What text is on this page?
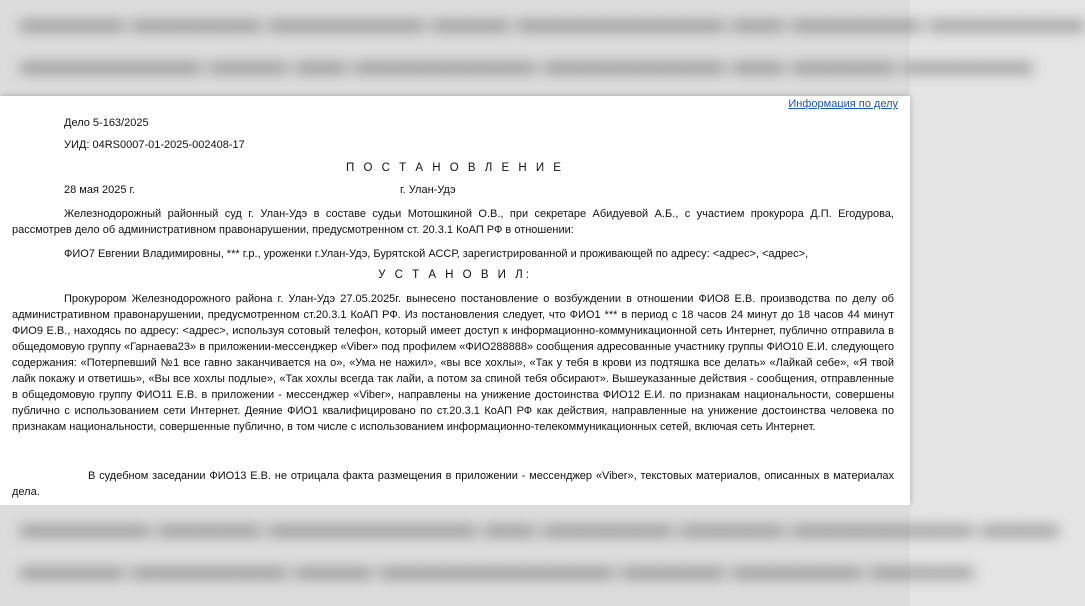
▬▬▬▬ ▬▬▬▬▬ ▬▬▬▬▬▬ ▬▬▬ ▬▬▬▬▬▬▬▬ ▬▬ ▬▬▬▬▬ ▬▬▬▬▬▬
▬▬▬▬▬▬▬ ▬▬▬ ▬▬ ▬▬▬▬▬▬▬ ▬▬▬▬▬▬▬ ▬▬ ▬▬▬▬ ▬▬▬▬▬
Информация по делу
Дело 5-163/2025
УИД: 04RS0007-01-2025-002408-17
П О С Т А Н О В Л Е Н И Е
28 мая 2025 г.	г. Улан-Удэ
Железнодорожный районный суд г. Улан-Удэ в составе судьи Мотошкиной О.В., при секретаре Абидуевой А.Б., с участием прокурора Д.П. Егодурова, рассмотрев дело об административном правонарушении, предусмотренном ст. 20.3.1 КоАП РФ в отношении:
ФИО7 Евгении Владимировны, *** г.р., уроженки г.Улан-Удэ, Бурятской АССР, зарегистрированной и проживающей по адресу: <адрес>, <адрес>,
У С Т А Н О В И Л:
Прокурором Железнодорожного района г. Улан-Удэ 27.05.2025г. вынесено постановление о возбуждении в отношении ФИО8 Е.В. производства по делу об административном правонарушении, предусмотренном ст.20.3.1 КоАП РФ. Из постановления следует, что ФИО1 *** в период с 18 часов 24 минут до 18 часов 44 минут ФИО9 Е.В., находясь по адресу: <адрес>, используя сотовый телефон, который имеет доступ к информационно-коммуникационной сеть Интернет, публично отправила в общедомовую группу «Гарнаева23» в приложении-мессенджер «Viber» под профилем «ФИО288888» сообщения адресованные участнику группы ФИО10 Е.И. следующего содержания: «Потерпевший №1 все гавно заканчивается на о», «Ума не нажил», «вы все хохлы», «Так у тебя в крови из подтяшка все делать» «Лайкай себе», «Я твой лайк покажу и ответишь», «Вы все хохлы подлые», «Так хохлы всегда так лайи, а потом за спиной тебя обсирают». Вышеуказанные действия - сообщения, отправленные в общедомовую группу ФИО11 Е.В. в приложении - мессенджер «Viber», направлены на унижение достоинства ФИО12 Е.И. по признакам национальности, совершены публично с использованием сети Интернет. Деяние ФИО1 квалифицировано по ст.20.3.1 КоАП РФ как действия, направленные на унижение достоинства человека по признакам национальности, совершенные публично, в том числе с использованием информационно-телекоммуникационных сетей, включая сеть Интернет.
В судебном заседании ФИО13 Е.В. не отрицала факта размещения в приложении - мессенджер «Viber», текстовых материалов, описанных в материалах дела.
▬▬▬▬▬ ▬▬▬▬ ▬▬▬▬▬▬▬▬ ▬▬ ▬▬▬▬▬ ▬▬▬▬ ▬▬▬▬▬▬▬ ▬▬▬
▬▬▬▬ ▬▬▬▬▬▬ ▬▬▬ ▬▬▬▬▬▬▬▬▬ ▬▬▬▬ ▬▬▬▬▬ ▬▬▬▬
